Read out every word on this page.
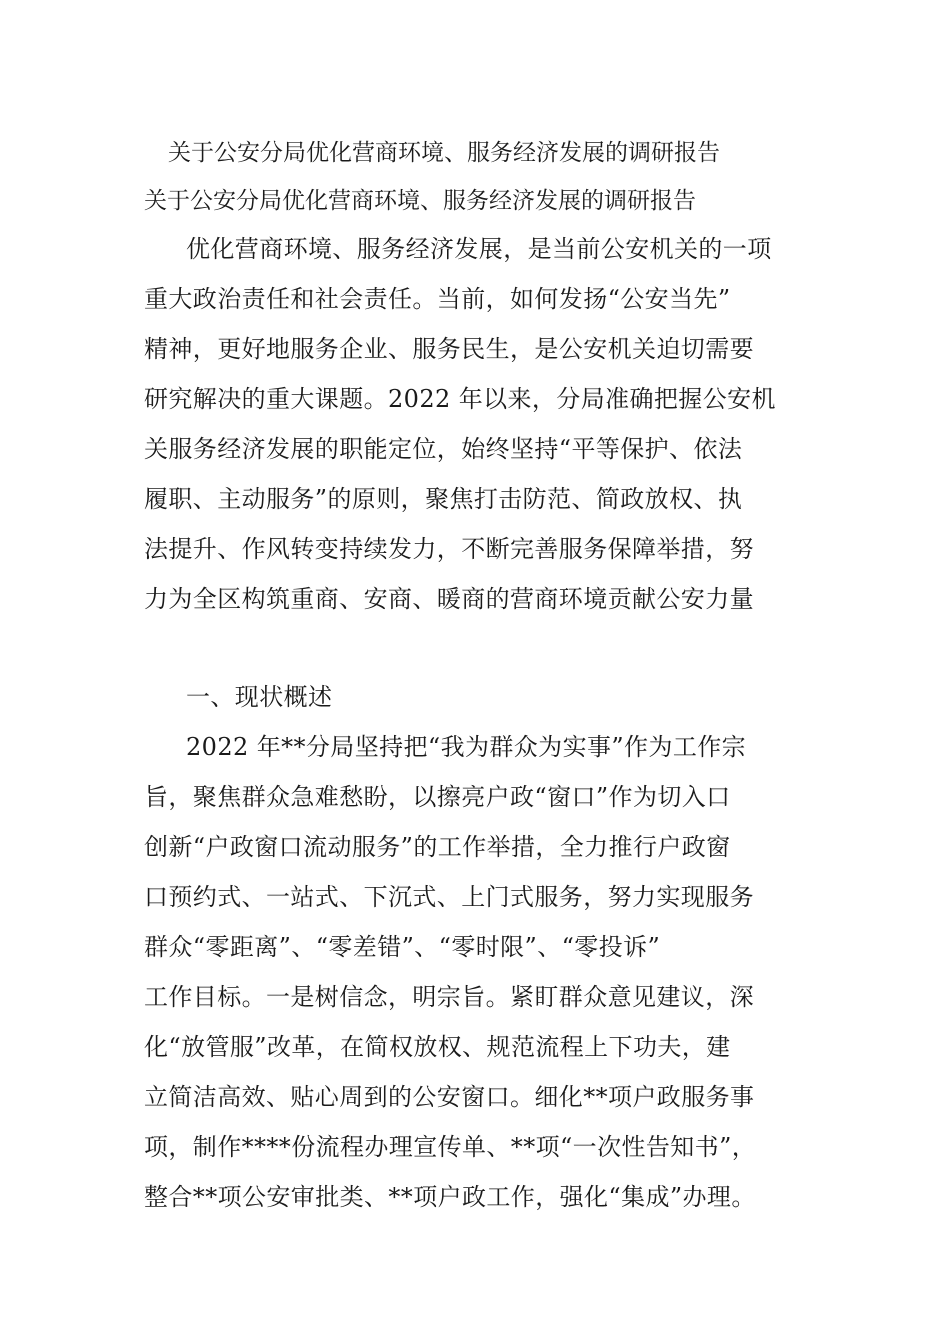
关于公安分局优化营商环境、服务经济发展的调研报告
关于公安分局优化营商环境、服务经济发展的调研报告
优化营商环境、服务经济发展，是当前公安机关的一项
重大政治责任和社会责任。当前，如何发扬“公安当先”
精神，更好地服务企业、服务民生，是公安机关迫切需要
研究解决的重大课题。2022 年以来，分局准确把握公安机
关服务经济发展的职能定位，始终坚持“平等保护、依法
履职、主动服务”的原则，聚焦打击防范、简政放权、执
法提升、作风转变持续发力，不断完善服务保障举措，努
力为全区构筑重商、安商、暖商的营商环境贡献公安力量
一、现状概述
2022 年**分局坚持把“我为群众为实事”作为工作宗
旨，聚焦群众急难愁盼，以擦亮户政“窗口”作为切入口
创新“户政窗口流动服务”的工作举措，全力推行户政窗
口预约式、一站式、下沉式、上门式服务，努力实现服务
群众“零距离”、“零差错”、“零时限”、“零投诉”
工作目标。一是树信念，明宗旨。紧盯群众意见建议，深
化“放管服”改革，在简权放权、规范流程上下功夫，建
立简洁高效、贴心周到的公安窗口。细化**项户政服务事
项，制作****份流程办理宣传单、**项“一次性告知书”，
整合**项公安审批类、**项户政工作，强化“集成”办理。
